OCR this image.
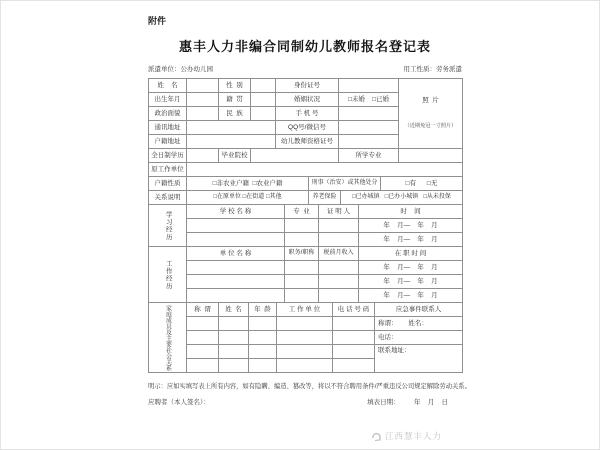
附件
惠丰人力非编合同制幼儿教师报名登记表
派遣单位：公办幼儿园	用工性质：劳务派遣
姓    名		性  别		身份证号		照  片

（近期免冠一寸照片）

出生年月		籍  贯		婚姻状况	□未婚    □已婚	
政治面貌		民  族		手 机 号		
通讯地址				QQ号/微信号		
户籍地址				幼儿教师资格证号		
全日制学历		毕业院校			所学专业	
原工作单位	
户籍性质	□非农业户籍  □农业户籍	刑事（治安）或其他处分	□有      □无
关系说明	□在原单位 □在街道 □其他	养老保险	□已办城镇   □已办小城镇   □从未投保
学习经历	学 校 名 称	专  业	证 明 人	时    间
				年    月—    年    月
				年    月—    年    月
工作经历	单 位 名 称	职务/职称	税前月收入	在 职 时 间
				年    月—    年    月
				年    月—    年    月
				年    月—    年    月
家庭成员及主要社会关系	称  谓	姓  名	年  龄	工 作 单 位	电 话 号 码	应急事件联系人
						称谓：      姓名：
						电话：
						联系地址：

明示：应如实填写表上所有内容，如有隐瞒、编造、篡改等，将以不符合聘用条件/严重违反公司规定解除劳动关系。
应聘者（本人签名）：	填表日期：        年    月    日
江西慧丰人力
